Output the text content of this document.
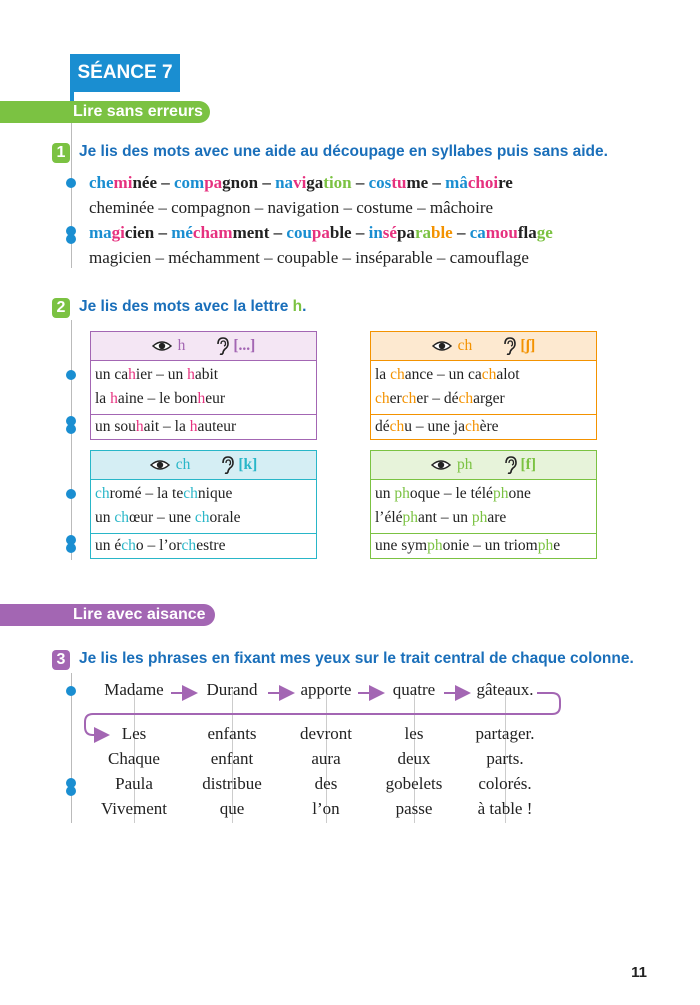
SÉANCE 7
Lire sans erreurs
1 Je lis des mots avec une aide au découpage en syllabes puis sans aide.
cheminée – compagnon – navigation – costume – mâchoire
cheminée – compagnon – navigation – costume – mâchoire
magicien – méchamment – coupable – inséparable – camouflage
magicien – méchamment – coupable – inséparable – camouflage
2 Je lis des mots avec la lettre h.
h	[...]
un cahier – un habit
la haine – le bonheur
un souhait – la hauteur
ch	[ʃ]
la chance – un cachalot
chercher – décharger
déchu – une jachère
ch	[k]
chromé – la technique
un chœur – une chorale
un écho – l’orchestre
ph	[f]
un phoque – le téléphone
l’éléphant – un phare
une symphonie – un triomphe
Lire avec aisance
3 Je lis les phrases en fixant mes yeux sur le trait central de chaque colonne.
Madame	Durand	apporte	quatre	gâteaux.
Les	enfants	devront	les	partager.
Chaque	enfant	aura	deux	parts.
Paula	distribue	des	gobelets	colorés.
Vivement	que	l’on	passe	à table !
11
